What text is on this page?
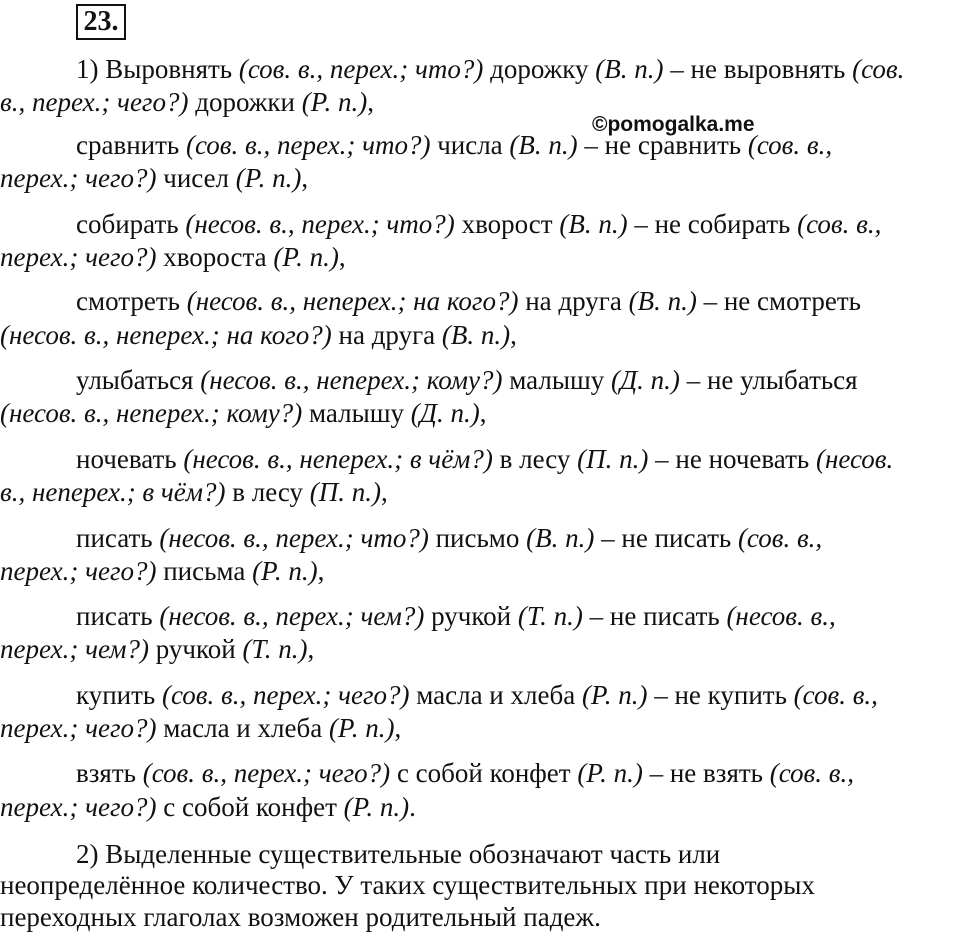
23.
©pomogalka.me
1) Выровнять (сов. в., перех.; что?) дорожку (В. п.) – не выровнять (сов.
в., перех.; чего?) дорожки (Р. п.),
сравнить (сов. в., перех.; что?) числа (В. п.) – не сравнить (сов. в.,
перех.; чего?) чисел (Р. п.),
собирать (несов. в., перех.; что?) хворост (В. п.) – не собирать (сов. в.,
перех.; чего?) хвороста (Р. п.),
смотреть (несов. в., неперех.; на кого?) на друга (В. п.) – не смотреть
(несов. в., неперех.; на кого?) на друга (В. п.),
улыбаться (несов. в., неперех.; кому?) малышу (Д. п.) – не улыбаться
(несов. в., неперех.; кому?) малышу (Д. п.),
ночевать (несов. в., неперех.; в чём?) в лесу (П. п.) – не ночевать (несов.
в., неперех.; в чём?) в лесу (П. п.),
писать (несов. в., перех.; что?) письмо (В. п.) – не писать (сов. в.,
перех.; чего?) письма (Р. п.),
писать (несов. в., перех.; чем?) ручкой (Т. п.) – не писать (несов. в.,
перех.; чем?) ручкой (Т. п.),
купить (сов. в., перех.; чего?) масла и хлеба (Р. п.) – не купить (сов. в.,
перех.; чего?) масла и хлеба (Р. п.),
взять (сов. в., перех.; чего?) с собой конфет (Р. п.) – не взять (сов. в.,
перех.; чего?) с собой конфет (Р. п.).
2) Выделенные существительные обозначают часть или
неопределённое количество. У таких существительных при некоторых
переходных глаголах возможен родительный падеж.
